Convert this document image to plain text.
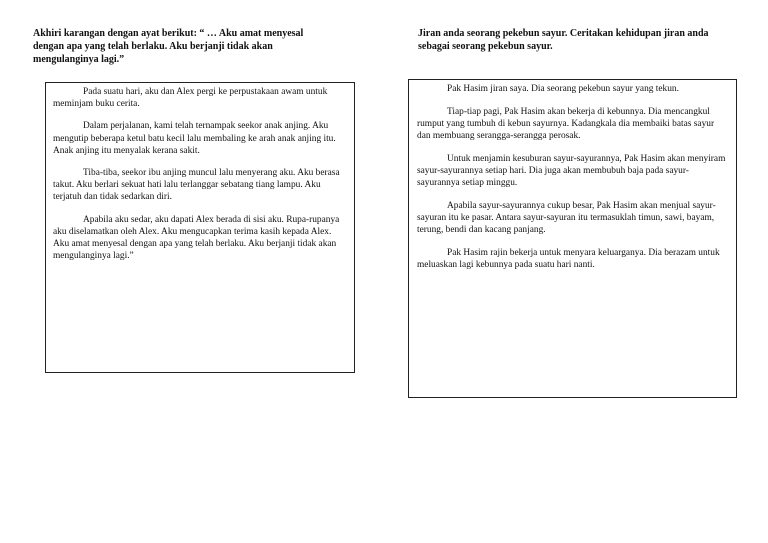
Akhiri karangan dengan ayat berikut: “ … Aku amat menyesal dengan apa yang telah berlaku. Aku berjanji tidak akan mengulanginya lagi.”

Pada suatu hari, aku dan Alex pergi ke perpustakaan awam untuk meminjam buku cerita.

Dalam perjalanan, kami telah ternampak seekor anak anjing. Aku mengutip beberapa ketul batu kecil lalu membaling ke arah anak anjing itu. Anak anjing itu menyalak kerana sakit.

Tiba-tiba, seekor ibu anjing muncul lalu menyerang aku. Aku berasa takut. Aku berlari sekuat hati lalu terlanggar sebatang tiang lampu. Aku terjatuh dan tidak sedarkan diri.

Apabila aku sedar, aku dapati Alex berada di sisi aku. Rupa-rupanya aku diselamatkan oleh Alex. Aku mengucapkan terima kasih kepada Alex. Aku amat menyesal dengan apa yang telah berlaku. Aku berjanji tidak akan mengulanginya lagi.”

Jiran anda seorang pekebun sayur. Ceritakan kehidupan jiran anda sebagai seorang pekebun sayur.

Pak Hasim jiran saya. Dia seorang pekebun sayur yang tekun.

Tiap-tiap pagi, Pak Hasim akan bekerja di kebunnya. Dia mencangkul rumput yang tumbuh di kebun sayurnya. Kadangkala dia membaiki batas sayur dan membuang serangga-serangga perosak.

Untuk menjamin kesuburan sayur-sayurannya, Pak Hasim akan menyiram sayur-sayurannya setiap hari. Dia juga akan membubuh baja pada sayur-sayurannya setiap minggu.

Apabila sayur-sayurannya cukup besar, Pak Hasim akan menjual sayur-sayuran itu ke pasar. Antara sayur-sayuran itu termasuklah timun, sawi, bayam, terung, bendi dan kacang panjang.

Pak Hasim rajin bekerja untuk menyara keluarganya. Dia berazam untuk meluaskan lagi kebunnya pada suatu hari nanti.
